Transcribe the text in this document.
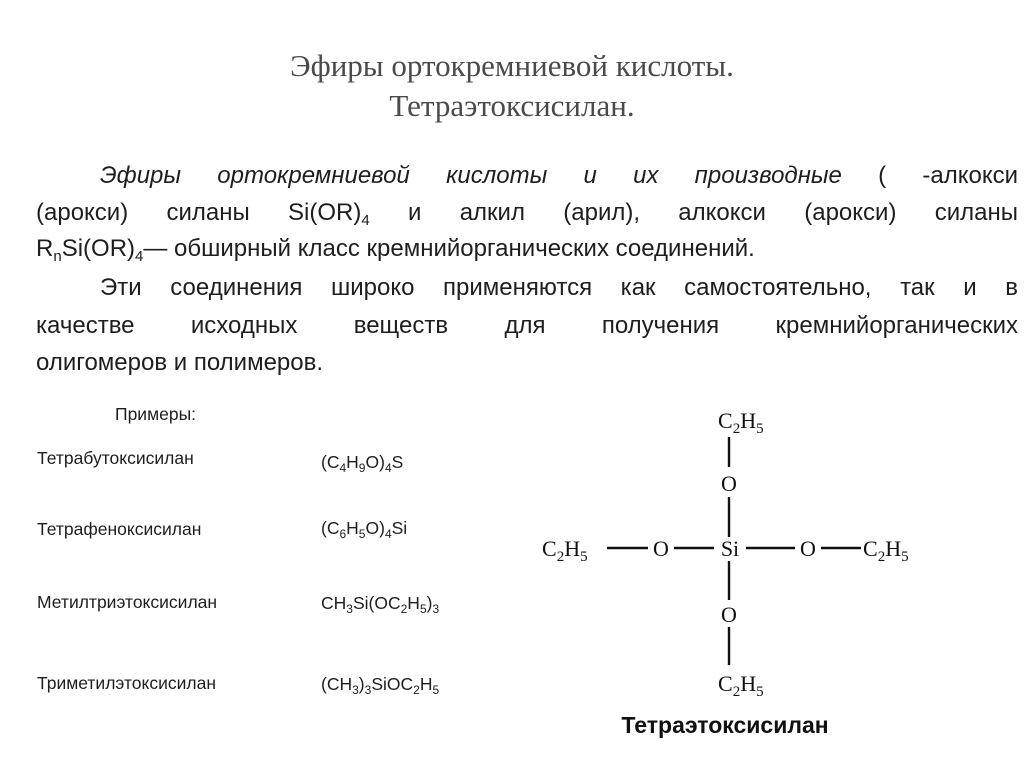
Эфиры ортокремниевой кислоты.
Тетраэтоксисилан.
Эфиры ортокремниевой кислоты и их производные ( -алкокси
(арокси) силаны $Si(OR)_4$ и алкил (арил), алкокси (арокси) силаны
$R_nSi(OR)_4—$ обширный класс кремнийорганических соединений.
Эти соединения широко применяются как самостоятельно, так и в
качестве исходных веществ для получения кремнийорганических
олигомеров и полимеров.
Примеры:
Тетрабутоксисилан	$(C_4H_9O)_4S$
Тетрафеноксисилан	$(C_6H_5O)_4Si$
Метилтриэтоксисилан	$CH_3Si(OC_2H_5)_3$
Триметилэтоксисилан	$(CH_3)_3SiOC_2H_5$
Si
O
O
O	O
C2H5
C2H5
C2H5	C2H5
Тетраэтоксисилан
